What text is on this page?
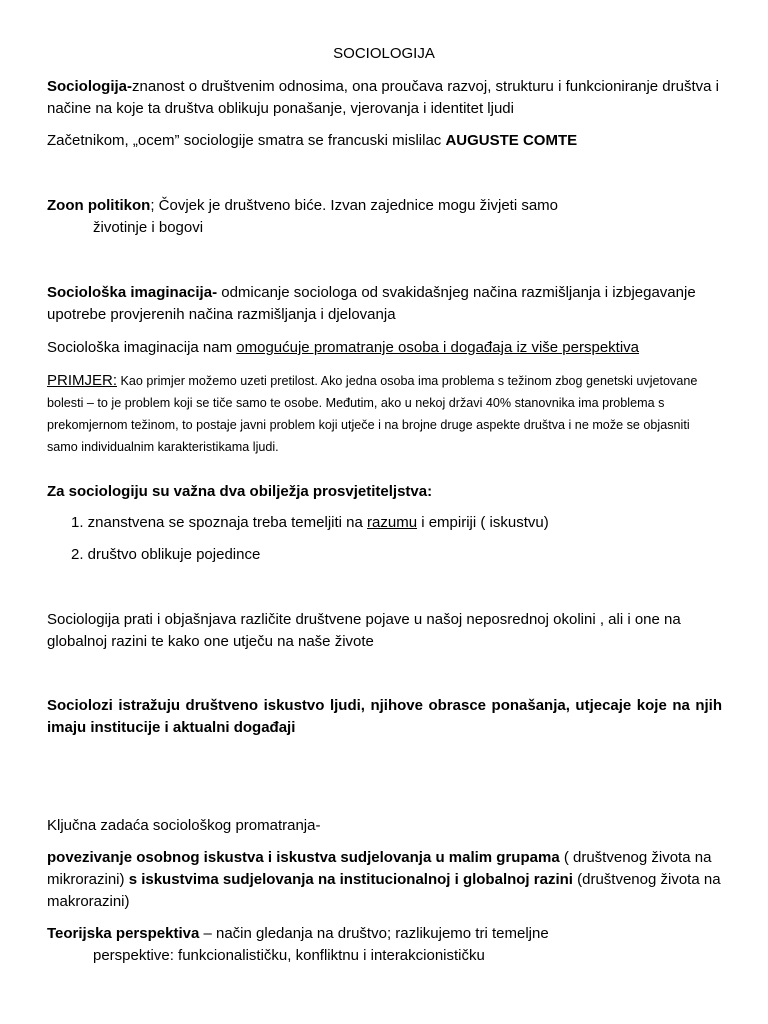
SOCIOLOGIJA

Sociologija-znanost o društvenim odnosima, ona proučava razvoj, strukturu i funkcioniranje društva i načine na koje ta društva oblikuju ponašanje, vjerovanja i identitet ljudi

Začetnikom, „ocem” sociologije smatra se francuski mislilac AUGUSTE COMTE

Zoon politikon; Čovjek je društveno biće. Izvan zajednice mogu živjeti samo
životinje i bogovi

Sociološka imaginacija- odmicanje sociologa od svakidašnjeg načina razmišljanja i izbjegavanje upotrebe provjerenih načina razmišljanja i djelovanja

Sociološka imaginacija nam omogućuje promatranje osoba i događaja iz više perspektiva

PRIMJER: Kao primjer možemo uzeti pretilost. Ako jedna osoba ima problema s težinom zbog genetski uvjetovane bolesti – to je problem koji se tiče samo te osobe. Međutim, ako u nekoj državi 40% stanovnika ima problema s prekomjernom težinom, to postaje javni problem koji utječe i na brojne druge aspekte društva i ne može se objasniti samo individualnim karakteristikama ljudi.

Za sociologiju su važna dva obilježja prosvjetiteljstva:

1. znanstvena se spoznaja treba temeljiti na razumu i empiriji ( iskustvu)

2. društvo oblikuje pojedince

Sociologija prati i objašnjava različite društvene pojave u našoj neposrednoj okolini , ali i one na globalnoj razini te kako one utječu na naše živote

Sociolozi istražuju društveno iskustvo ljudi, njihove obrasce ponašanja, utjecaje koje na njih imaju institucije i aktualni događaji

Ključna zadaća sociološkog promatranja-

povezivanje osobnog iskustva i iskustva sudjelovanja u malim grupama ( društvenog života na mikrorazini) s iskustvima sudjelovanja na institucionalnoj i globalnoj razini (društvenog života na makrorazini)

Teorijska perspektiva – način gledanja na društvo; razlikujemo tri temeljne
perspektive: funkcionalističku, konfliktnu i interakcionističku
